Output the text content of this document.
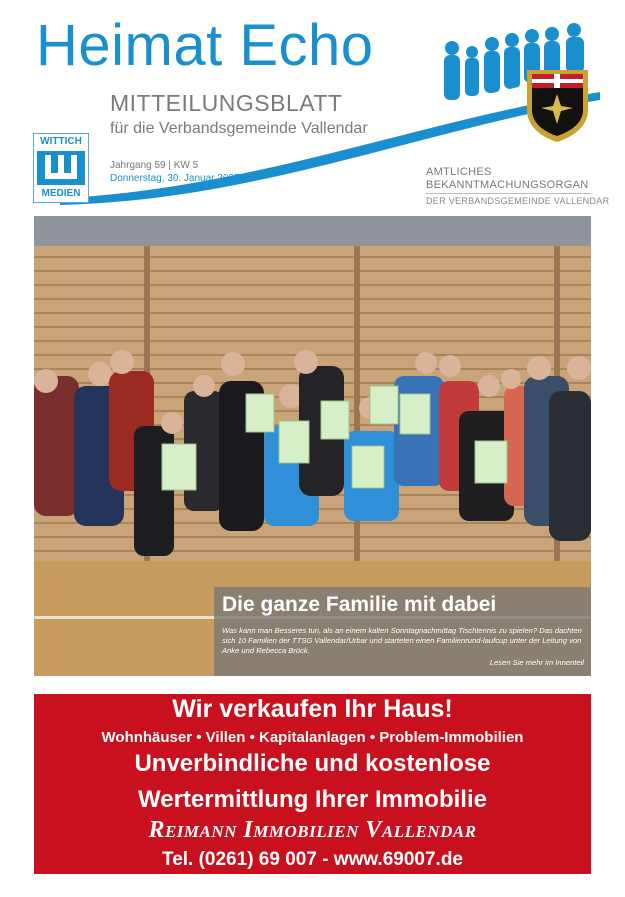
Heimat Echo
MITTEILUNGSBLATT
für die Verbandsgemeinde Vallendar
Jahrgang 59 | KW 5
Donnerstag, 30. Januar 2025
WITTICH
MEDIEN
AMTLICHES
BEKANNTMACHUNGSORGAN
DER VERBANDSGEMEINDE VALLENDAR
Die ganze Familie mit dabei
Was kann man Besseres tun, als an einem kalten Sonntagnachmittag Tischtennis zu spielen? Das dachten sich 10 Familien der TTSG Vallendar/Urbar und starteten einen Familienrund-laufcup unter der Leitung von Anke und Rebecca Brück.
Lesen Sie mehr im Innenteil
Wir verkaufen Ihr Haus!
Wohnhäuser • Villen • Kapitalanlagen • Problem-Immobilien
Unverbindliche und kostenlose
Wertermittlung Ihrer Immobilie
Reimann Immobilien Vallendar
Tel. (0261) 69 007 - www.69007.de
